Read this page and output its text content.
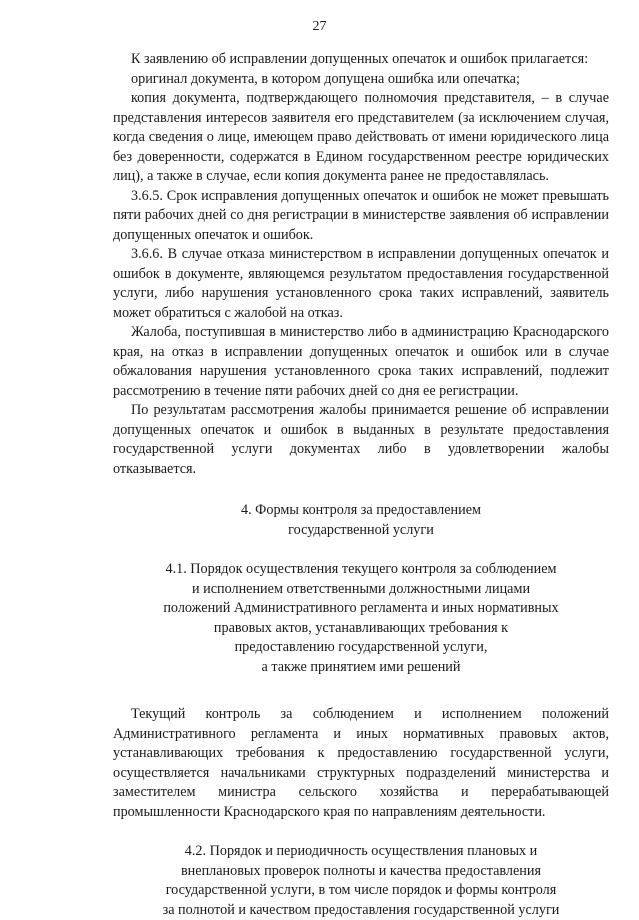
27

К заявлению об исправлении допущенных опечаток и ошибок прилагается:

оригинал документа, в котором допущена ошибка или опечатка;

копия документа, подтверждающего полномочия представителя, – в случае представления интересов заявителя его представителем (за исключением случая, когда сведения о лице, имеющем право действовать от имени юридического лица без доверенности, содержатся в Едином государственном реестре юридических лиц), а также в случае, если копия документа ранее не предоставлялась.

3.6.5. Срок исправления допущенных опечаток и ошибок не может превышать пяти рабочих дней со дня регистрации в министерстве заявления об исправлении допущенных опечаток и ошибок.

3.6.6. В случае отказа министерством в исправлении допущенных опечаток и ошибок в документе, являющемся результатом предоставления государственной услуги, либо нарушения установленного срока таких исправлений, заявитель может обратиться с жалобой на отказ.

Жалоба, поступившая в министерство либо в администрацию Краснодарского края, на отказ в исправлении допущенных опечаток и ошибок или в случае обжалования нарушения установленного срока таких исправлений, подлежит рассмотрению в течение пяти рабочих дней со дня ее регистрации.

По результатам рассмотрения жалобы принимается решение об исправлении допущенных опечаток и ошибок в выданных в результате предоставления государственной услуги документах либо в удовлетворении жалобы отказывается.

4. Формы контроля за предоставлением
государственной услуги
4.1. Порядок осуществления текущего контроля за соблюдением
и исполнением ответственными должностными лицами
положений Административного регламента и иных нормативных
правовых актов, устанавливающих требования к
предоставлению государственной услуги,
а также принятием ими решений

Текущий контроль за соблюдением и исполнением положений Административного регламента и иных нормативных правовых актов, устанавливающих требования к предоставлению государственной услуги, осуществляется начальниками структурных подразделений министерства и заместителем министра сельского хозяйства и перерабатывающей промышленности Краснодарского края по направлениям деятельности.

4.2. Порядок и периодичность осуществления плановых и
внеплановых проверок полноты и качества предоставления
государственной услуги, в том числе порядок и формы контроля
за полнотой и качеством предоставления государственной услуги
